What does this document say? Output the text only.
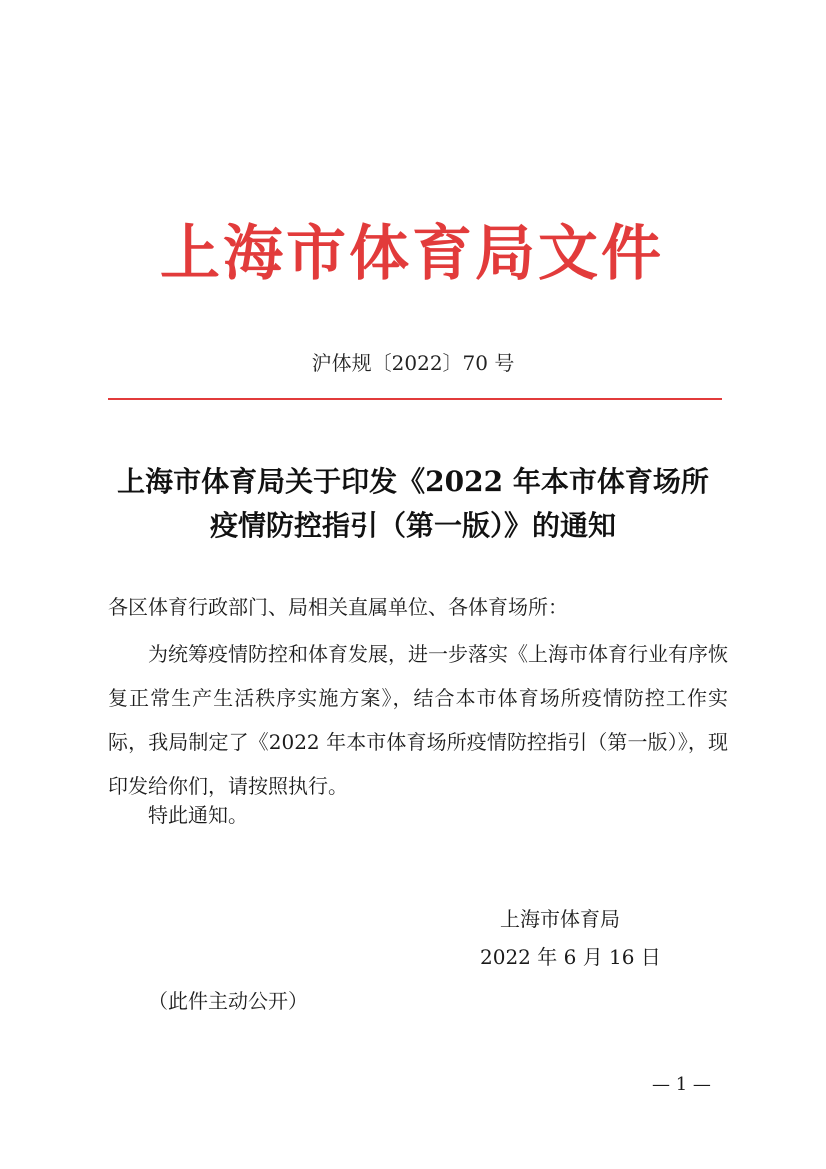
上海市体育局文件
沪体规〔2022〕70 号
上海市体育局关于印发《2022 年本市体育场所
疫情防控指引（第一版）》的通知
各区体育行政部门、局相关直属单位、各体育场所：

为统筹疫情防控和体育发展，进一步落实《上海市体育行业有序恢复正常生产生活秩序实施方案》，结合本市体育场所疫情防控工作实际，我局制定了《2022 年本市体育场所疫情防控指引（第一版）》，现印发给你们，请按照执行。

特此通知。
上海市体育局
2022 年 6 月 16 日
（此件主动公开）
— 1 —
